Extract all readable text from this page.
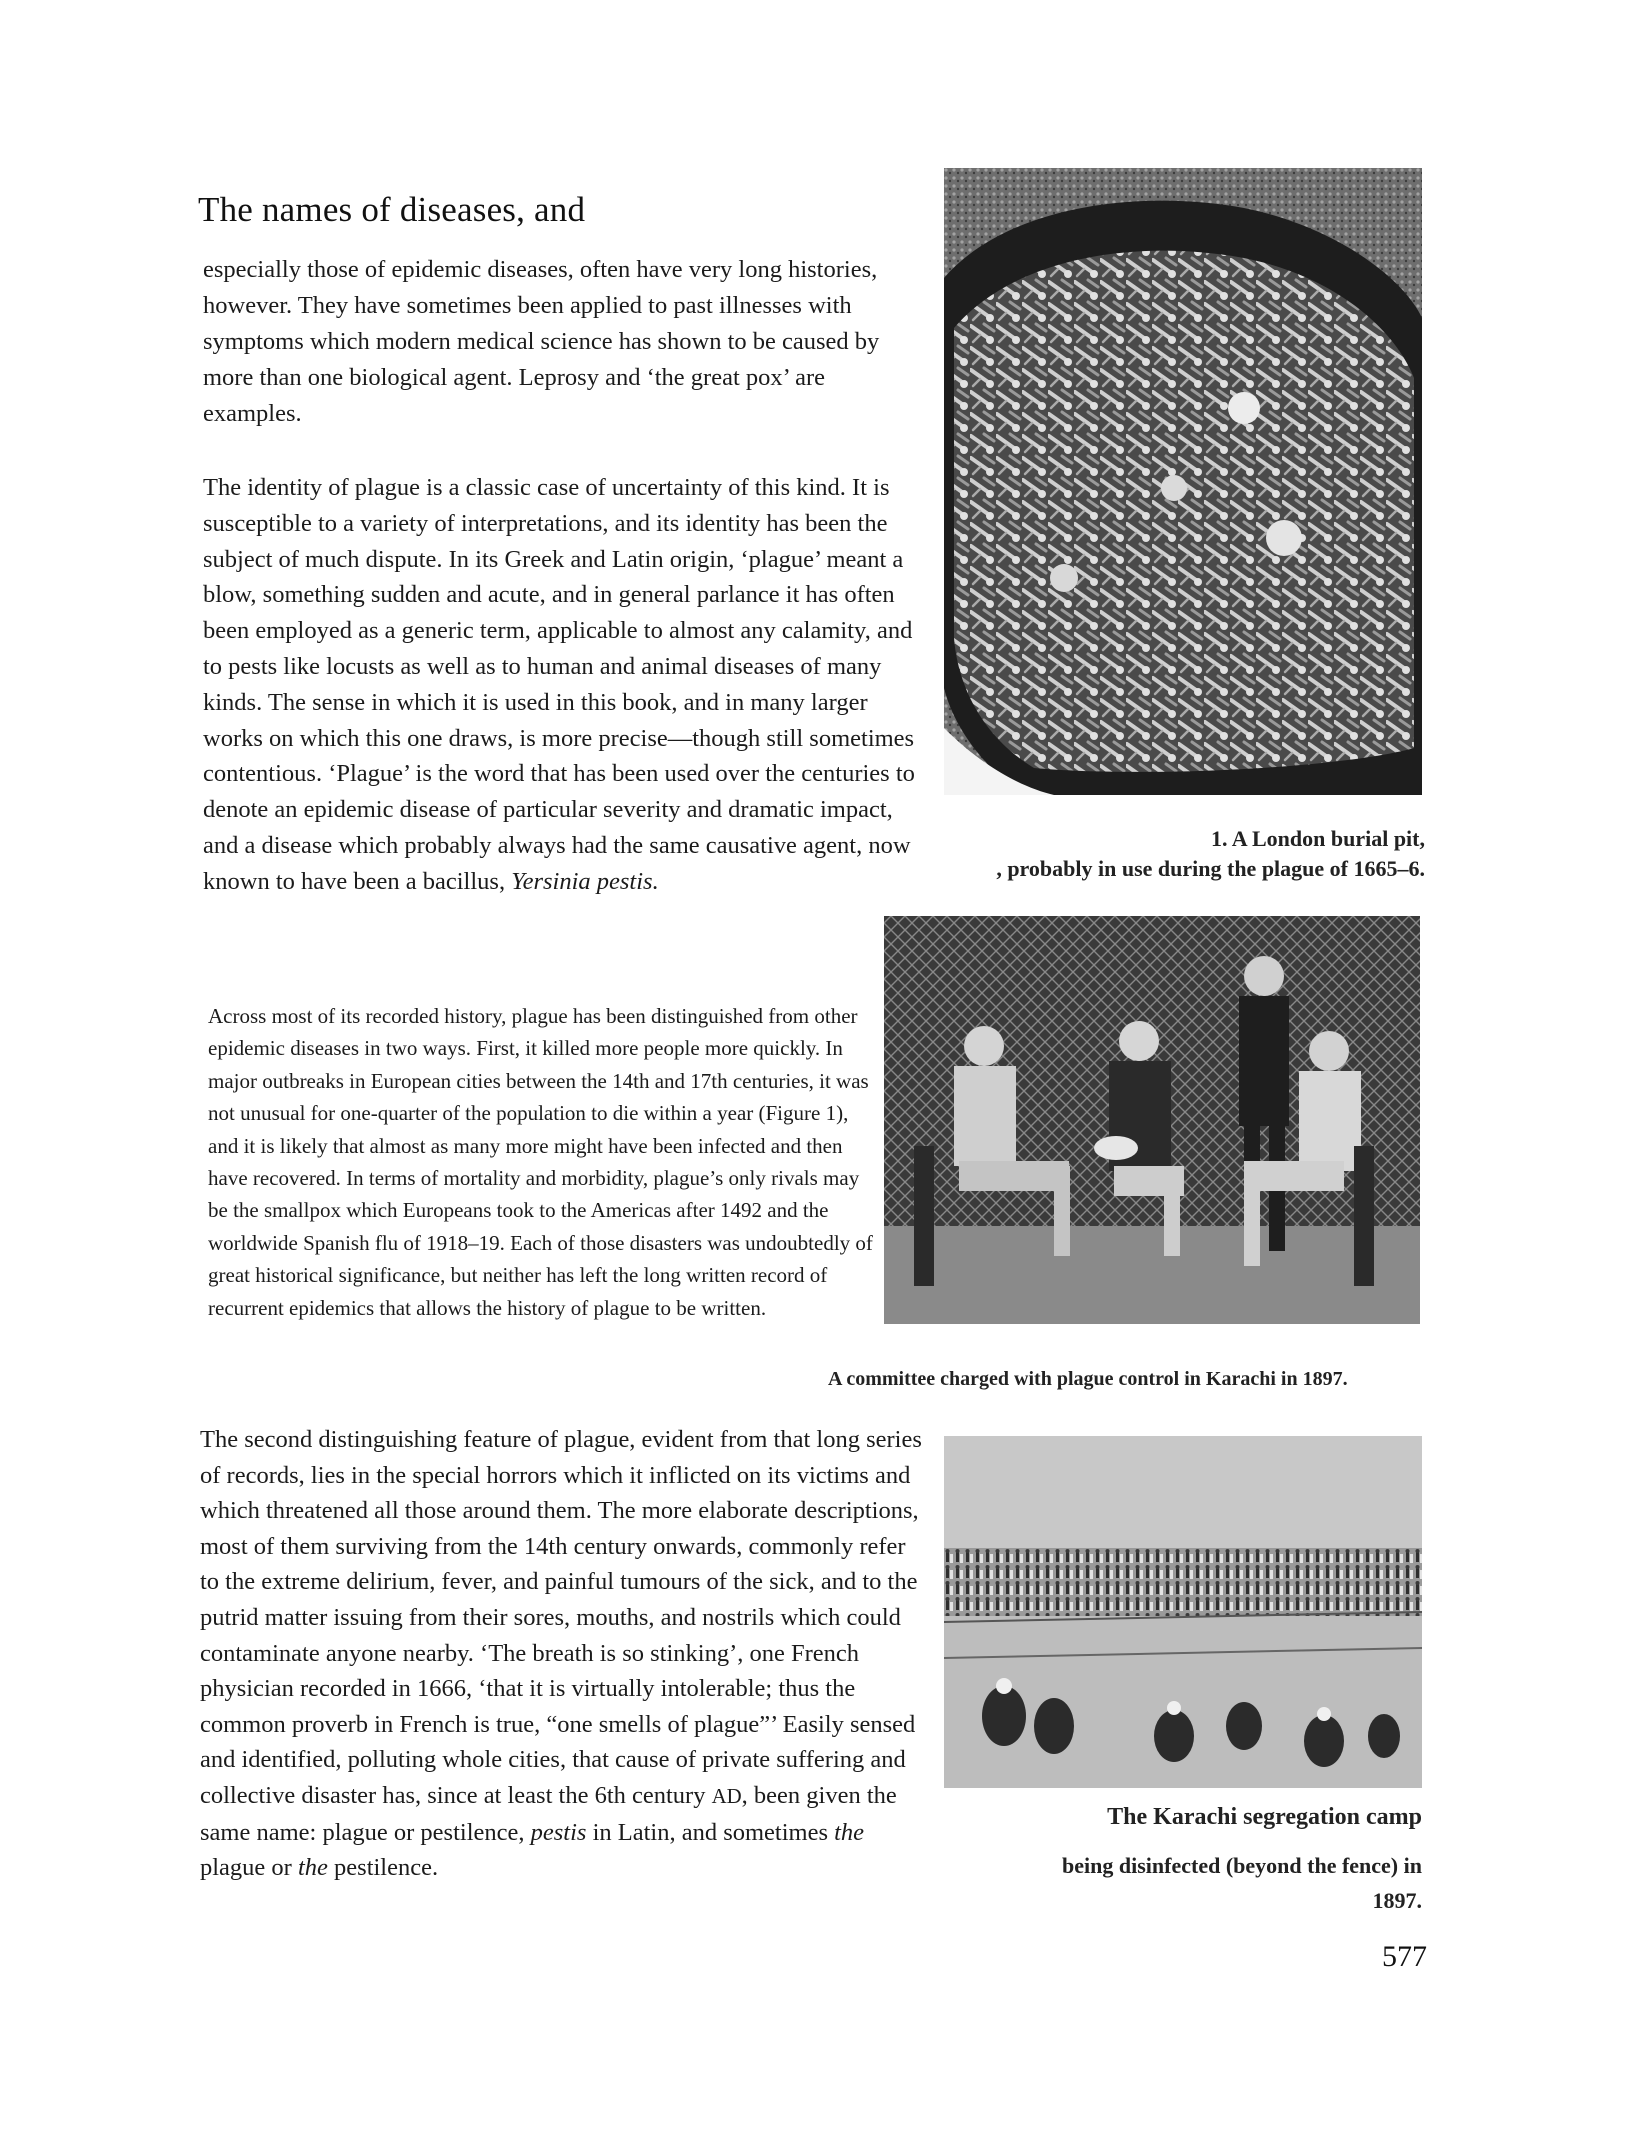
The names of diseases, and

especially those of epidemic diseases, often have very long histories, however. They have sometimes been applied to past illnesses with symptoms which modern medical science has shown to be caused by more than one biological agent. Leprosy and ‘the great pox’ are examples.

The identity of plague is a classic case of uncertainty of this kind. It is susceptible to a variety of interpretations, and its identity has been the subject of much dispute. In its Greek and Latin origin, ‘plague’ meant a blow, something sudden and acute, and in general parlance it has often been employed as a generic term, applicable to almost any calamity, and to pests like locusts as well as to human and animal diseases of many kinds. The sense in which it is used in this book, and in many larger works on which this one draws, is more precise—though still sometimes contentious. ‘Plague’ is the word that has been used over the centuries to denote an epidemic disease of particular severity and dramatic impact, and a disease which probably always had the same causative agent, now known to have been a bacillus, Yersinia pestis.

Across most of its recorded history, plague has been distinguished from other epidemic diseases in two ways. First, it killed more people more quickly. In major outbreaks in European cities between the 14th and 17th centuries, it was not unusual for one-quarter of the population to die within a year (Figure 1), and it is likely that almost as many more might have been infected and then have recovered. In terms of mortality and morbidity, plague’s only rivals may be the smallpox which Europeans took to the Americas after 1492 and the worldwide Spanish flu of 1918–19. Each of those disasters was undoubtedly of great historical significance, but neither has left the long written record of recurrent epidemics that allows the history of plague to be written.

The second distinguishing feature of plague, evident from that long series of records, lies in the special horrors which it inflicted on its victims and which threatened all those around them. The more elaborate descriptions, most of them surviving from the 14th century onwards, commonly refer to the extreme delirium, fever, and painful tumours of the sick, and to the putrid matter issuing from their sores, mouths, and nostrils which could contaminate anyone nearby. ‘The breath is so stinking’, one French physician recorded in 1666, ‘that it is virtually intolerable; thus the common proverb in French is true, “one smells of plague”’ Easily sensed and identified, polluting whole cities, that cause of private suffering and collective disaster has, since at least the 6th century AD, been given the same name: plague or pestilence, pestis in Latin, and sometimes the plague or the pestilence.

1. A London burial pit,

, probably in use during the plague of 1665–6.

A committee charged with plague control in Karachi in 1897.

The Karachi segregation camp

being disinfected (beyond the fence) in 1897.

577
